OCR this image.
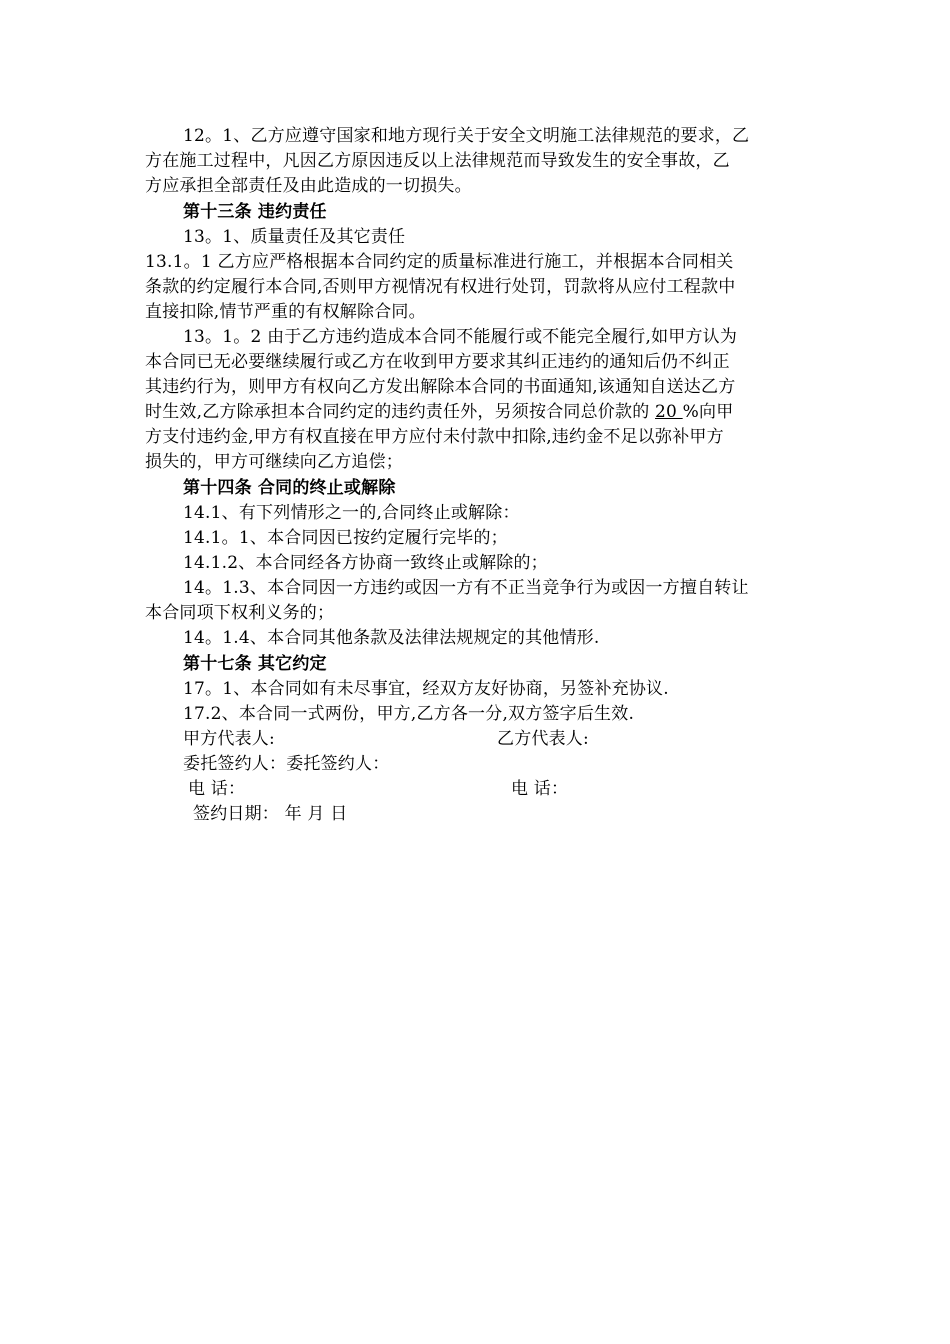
12。1、乙方应遵守国家和地方现行关于安全文明施工法律规范的要求，乙
方在施工过程中，凡因乙方原因违反以上法律规范而导致发生的安全事故，乙
方应承担全部责任及由此造成的一切损失。
第十三条 违约责任
13。1、质量责任及其它责任
13.1。1 乙方应严格根据本合同约定的质量标准进行施工，并根据本合同相关
条款的约定履行本合同,否则甲方视情况有权进行处罚，罚款将从应付工程款中
直接扣除,情节严重的有权解除合同。
13。1。2 由于乙方违约造成本合同不能履行或不能完全履行,如甲方认为
本合同已无必要继续履行或乙方在收到甲方要求其纠正违约的通知后仍不纠正
其违约行为，则甲方有权向乙方发出解除本合同的书面通知,该通知自送达乙方
时生效,乙方除承担本合同约定的违约责任外，另须按合同总价款的 20 %向甲
方支付违约金,甲方有权直接在甲方应付未付款中扣除,违约金不足以弥补甲方
损失的，甲方可继续向乙方追偿；
第十四条 合同的终止或解除
14.1、有下列情形之一的,合同终止或解除：
14.1。1、本合同因已按约定履行完毕的；
14.1.2、本合同经各方协商一致终止或解除的；
14。1.3、本合同因一方违约或因一方有不正当竞争行为或因一方擅自转让
本合同项下权利义务的；
14。1.4、本合同其他条款及法律法规规定的其他情形.
第十七条 其它约定
17。1、本合同如有未尽事宜，经双方友好协商，另签补充协议.
17.2、本合同一式两份，甲方,乙方各一分,双方签字后生效.
甲方代表人:	乙方代表人:
委托签约人：委托签约人：
电 话：	电 话：
签约日期： 年 月 日
